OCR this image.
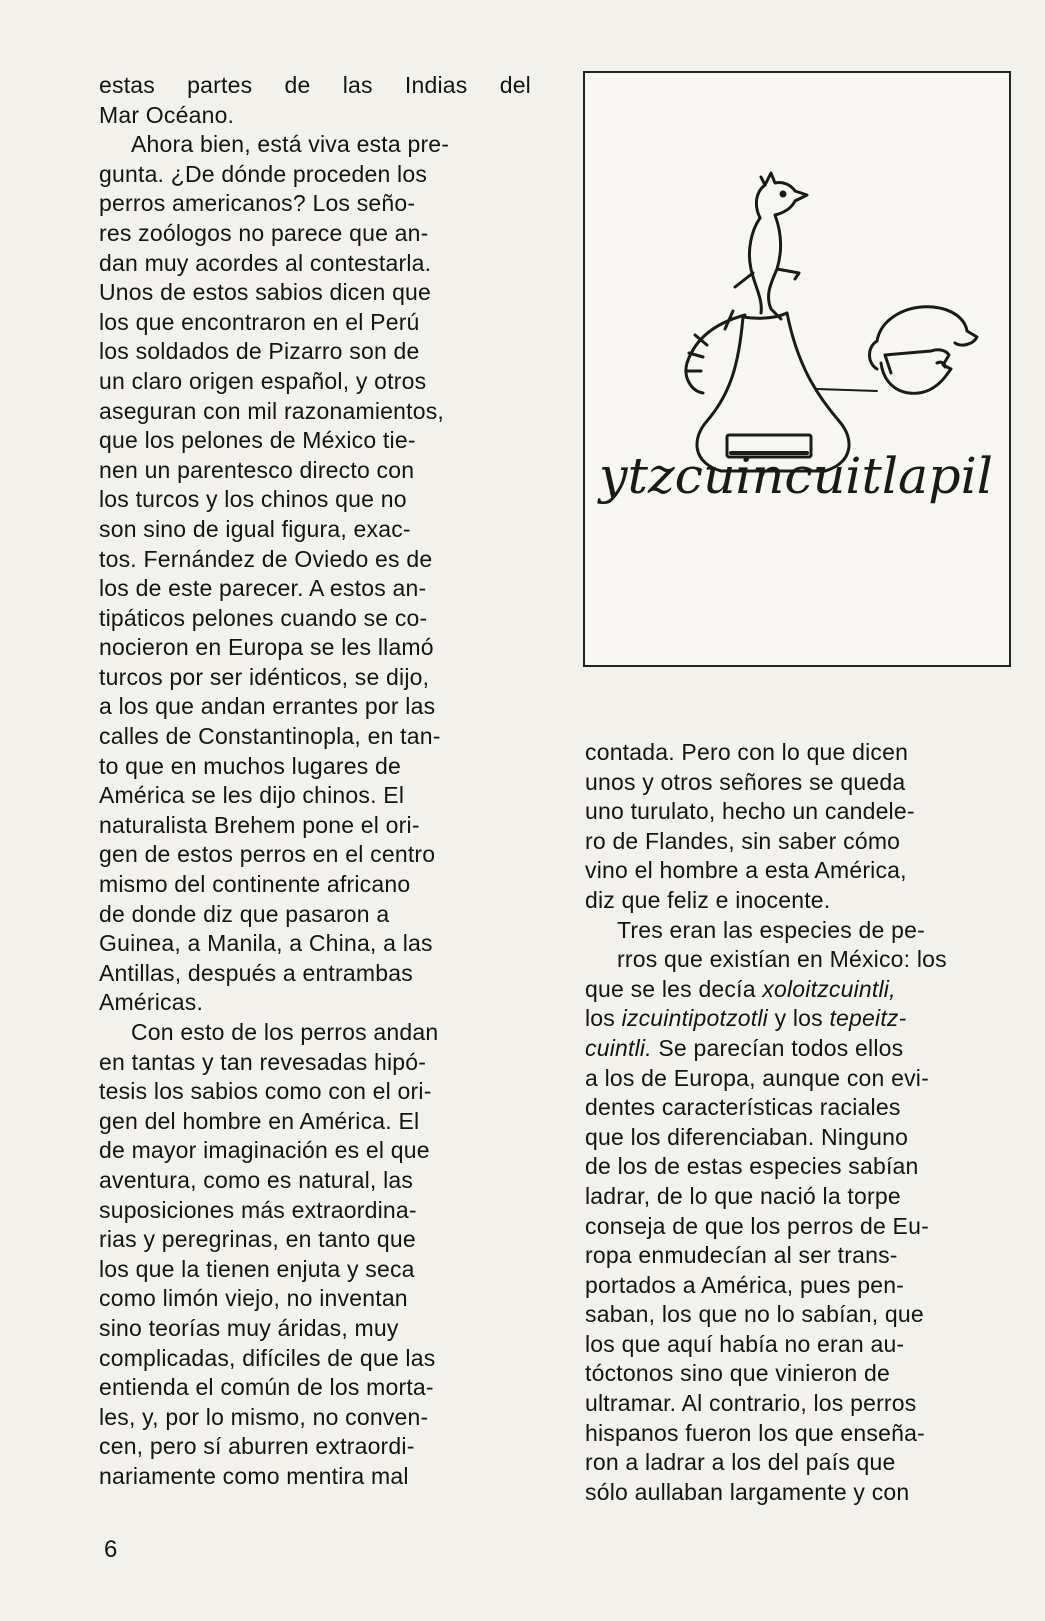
estas partes de las Indias del
Mar Océano.

Ahora bien, está viva esta pre-
gunta. ¿De dónde proceden los
perros americanos? Los seño-
res zoólogos no parece que an-
dan muy acordes al contestarla.
Unos de estos sabios dicen que
los que encontraron en el Perú
los soldados de Pizarro son de
un claro origen español, y otros
aseguran con mil razonamientos,
que los pelones de México tie-
nen un parentesco directo con
los turcos y los chinos que no
son sino de igual figura, exac-
tos. Fernández de Oviedo es de
los de este parecer. A estos an-
tipáticos pelones cuando se co-
nocieron en Europa se les llamó
turcos por ser idénticos, se dijo,
a los que andan errantes por las
calles de Constantinopla, en tan-
to que en muchos lugares de
América se les dijo chinos. El
naturalista Brehem pone el ori-
gen de estos perros en el centro
mismo del continente africano
de donde diz que pasaron a
Guinea, a Manila, a China, a las
Antillas, después a entrambas
Américas.

Con esto de los perros andan
en tantas y tan revesadas hipó-
tesis los sabios como con el ori-
gen del hombre en América. El
de mayor imaginación es el que
aventura, como es natural, las
suposiciones más extraordina-
rias y peregrinas, en tanto que
los que la tienen enjuta y seca
como limón viejo, no inventan
sino teorías muy áridas, muy
complicadas, difíciles de que las
entienda el común de los morta-
les, y, por lo mismo, no conven-
cen, pero sí aburren extraordi-
nariamente como mentira mal

ytzcuincuitlapil

contada. Pero con lo que dicen
unos y otros señores se queda
uno turulato, hecho un candele-
ro de Flandes, sin saber cómo
vino el hombre a esta América,
diz que feliz e inocente.

Tres eran las especies de pe-
rros que existían en México: los
que se les decía xoloitzcuintli,
los izcuintipotzotli y los tepeitz-
cuintli. Se parecían todos ellos
a los de Europa, aunque con evi-
dentes características raciales
que los diferenciaban. Ninguno
de los de estas especies sabían
ladrar, de lo que nació la torpe
conseja de que los perros de Eu-
ropa enmudecían al ser trans-
portados a América, pues pen-
saban, los que no lo sabían, que
los que aquí había no eran au-
tóctonos sino que vinieron de
ultramar. Al contrario, los perros
hispanos fueron los que enseña-
ron a ladrar a los del país que
sólo aullaban largamente y con

6
